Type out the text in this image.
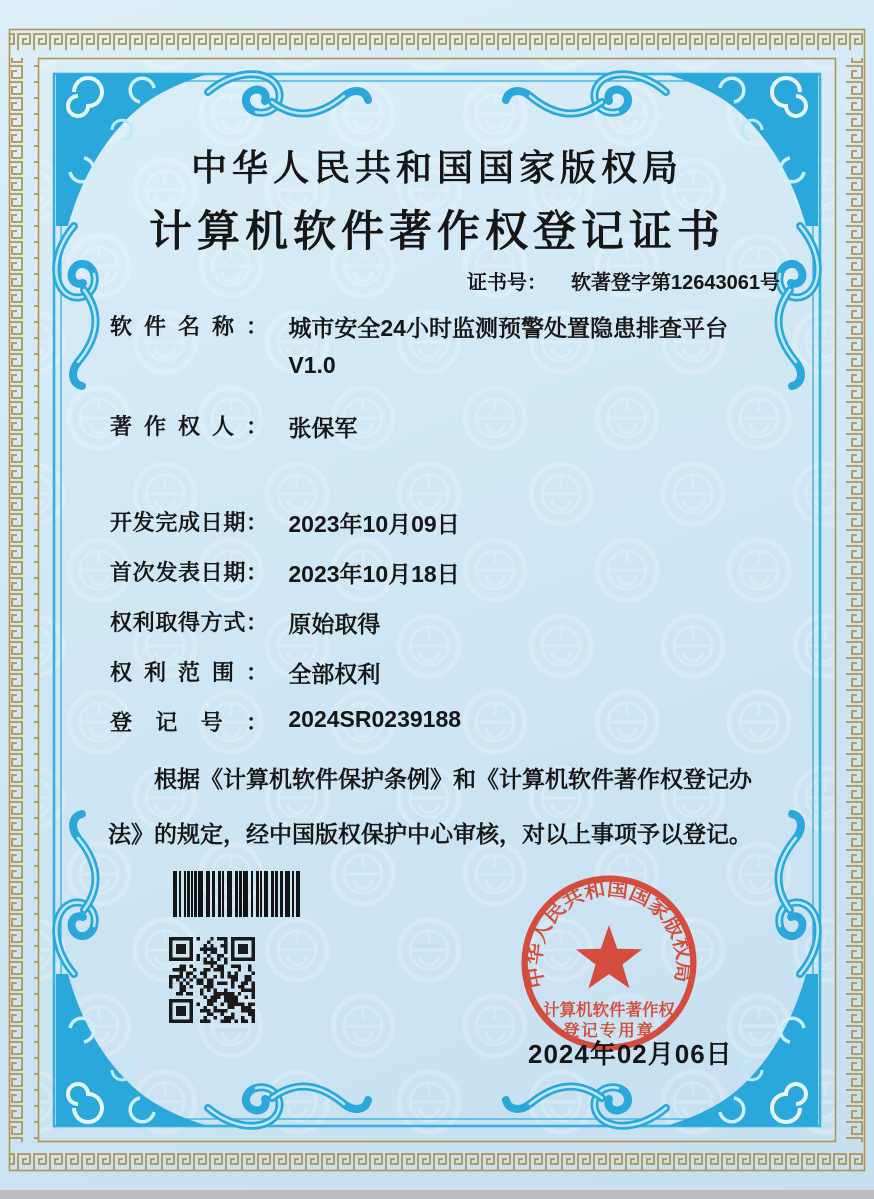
中华人民共和国国家版权局
计算机软件著作权登记证书
证书号： 软著登字第12643061号
软件名称： 城市安全24小时监测预警处置隐患排查平台
V1.0
著作权人： 张保军
开发完成日期： 2023年10月09日
首次发表日期： 2023年10月18日
权利取得方式： 原始取得
权利范围： 全部权利
登记号： 2024SR0239188

根据《计算机软件保护条例》和《计算机软件著作权登记办法》的规定，经中国版权保护中心审核，对以上事项予以登记。

中华人民共和国国家版权局
计算机软件著作权
登记专用章
2024年02月06日
